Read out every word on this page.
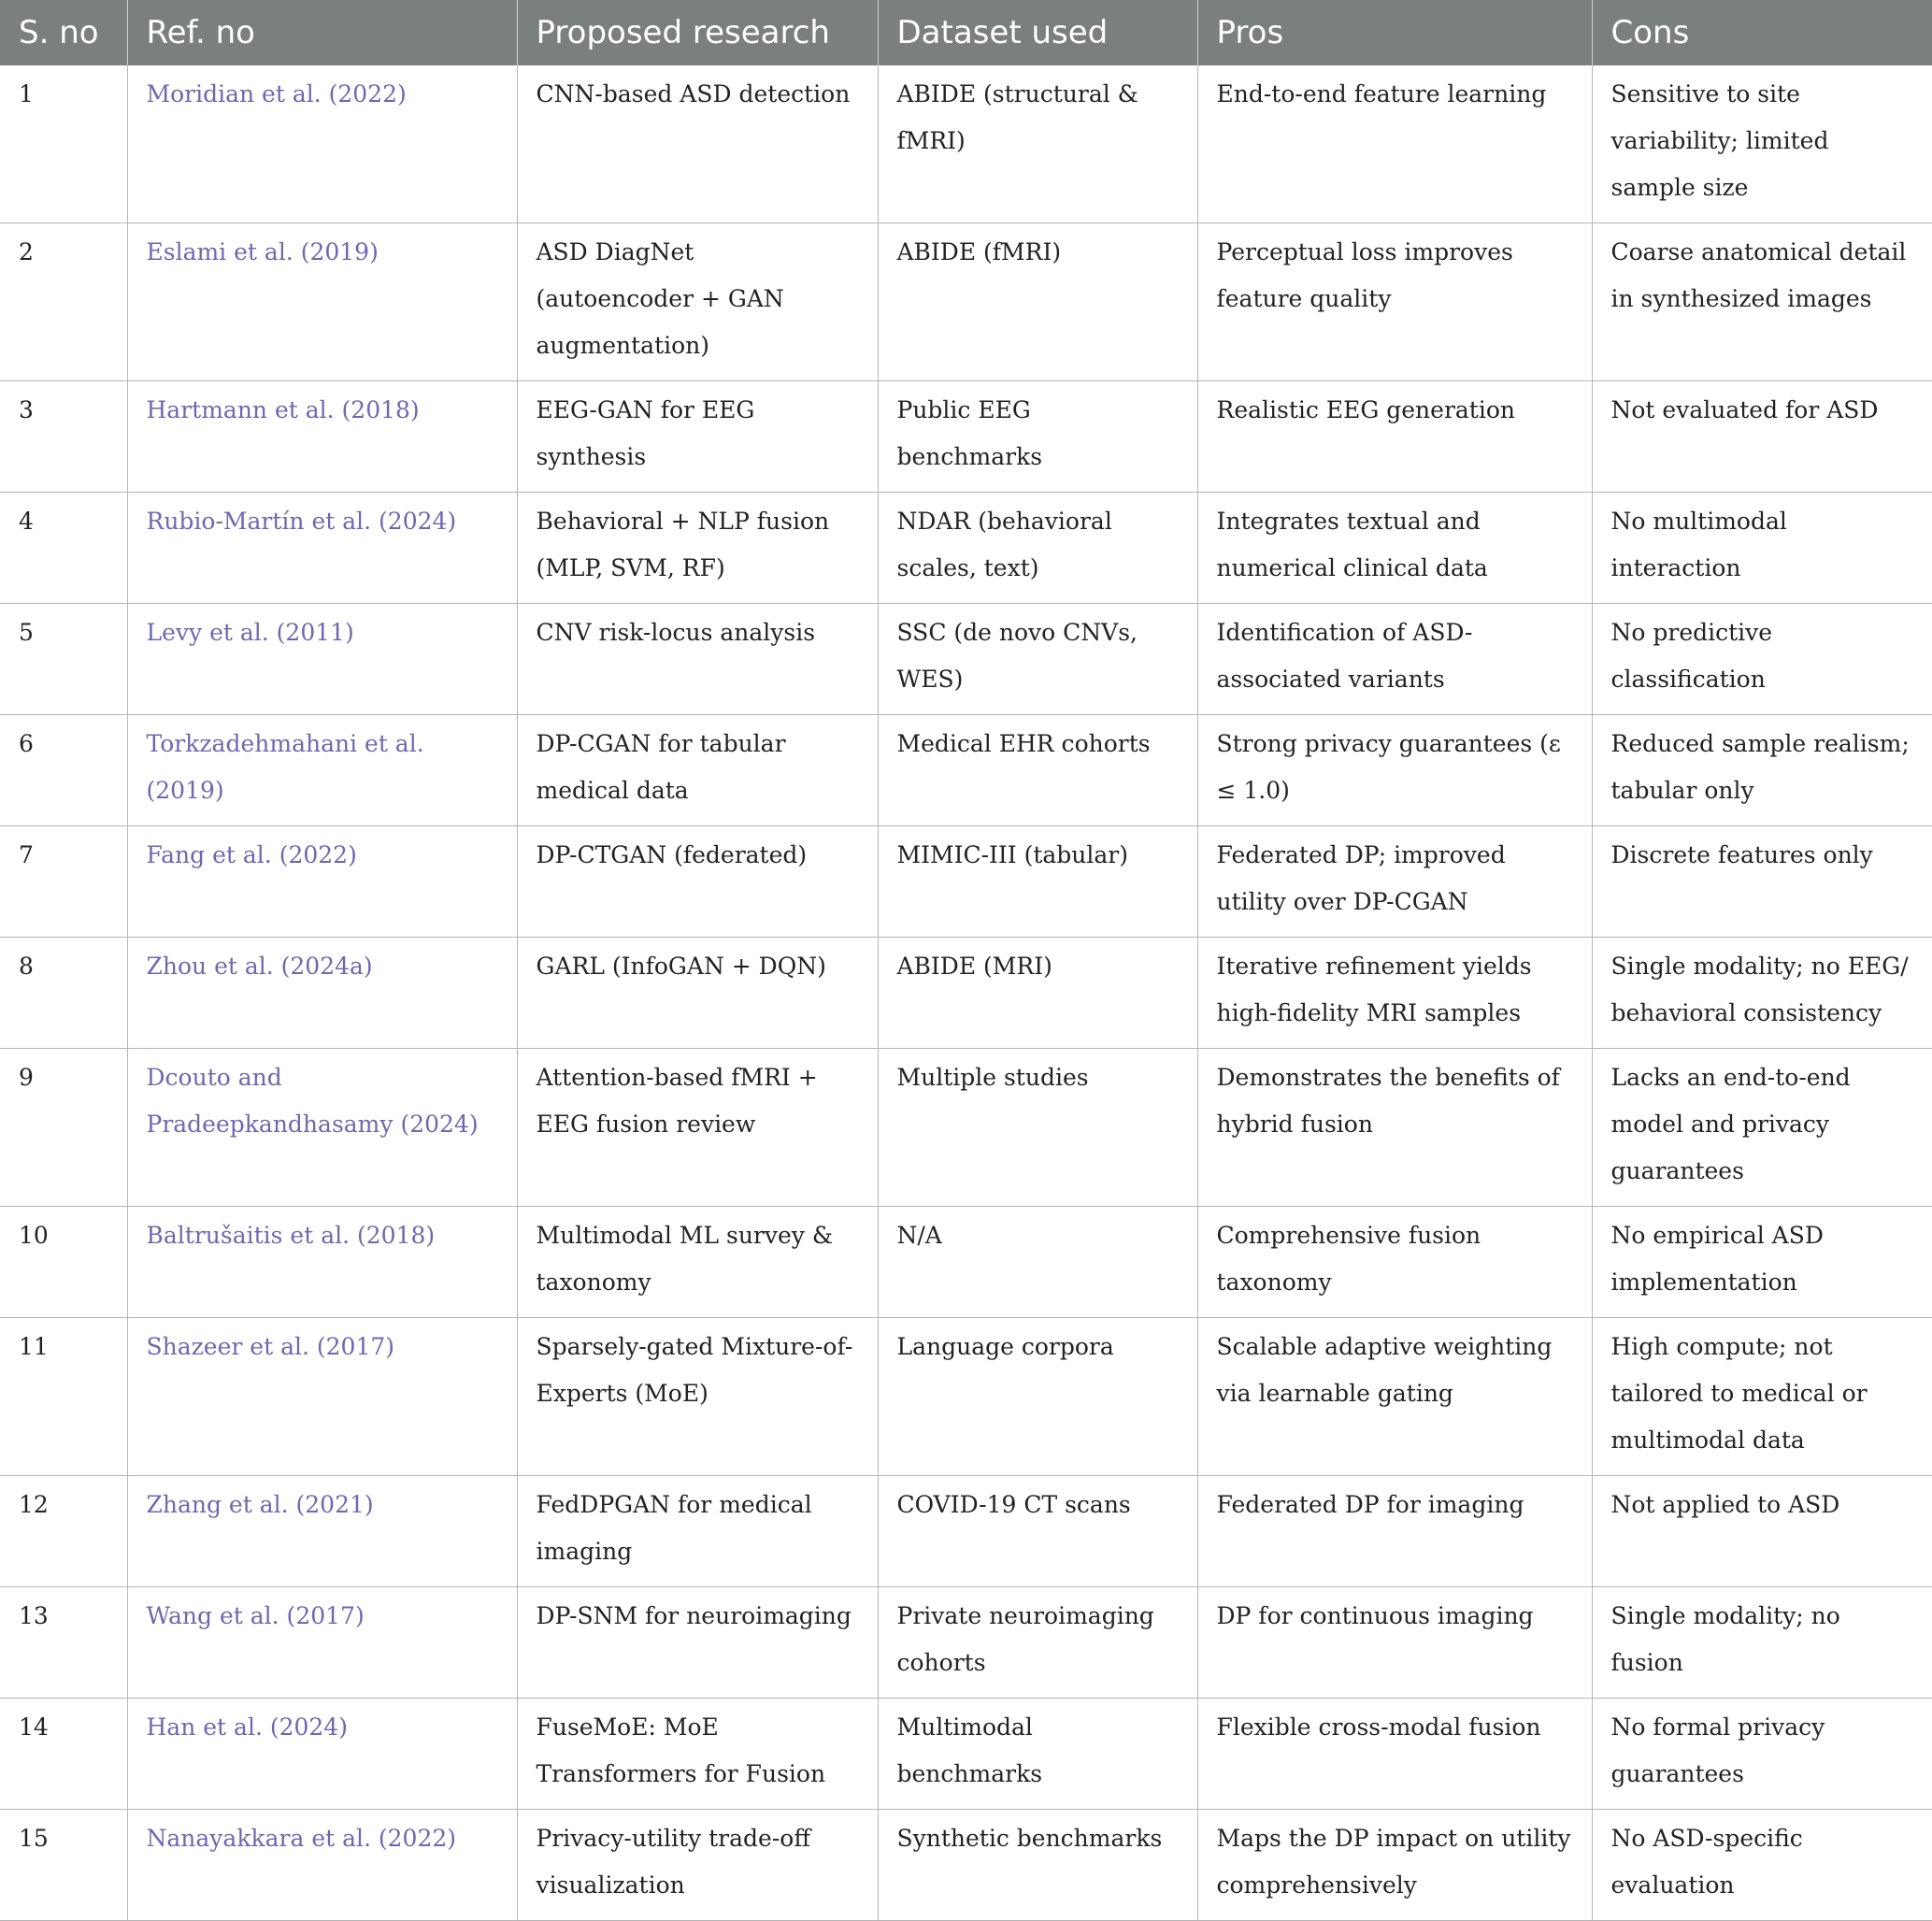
S. no	Ref. no	Proposed research	Dataset used	Pros	Cons
1	Moridian et al. (2022)	CNN-based ASD detection	ABIDE (structural & fMRI)	End-to-end feature learning	Sensitive to site variability; limited sample size
2	Eslami et al. (2019)	ASD DiagNet (autoencoder + GAN augmentation)	ABIDE (fMRI)	Perceptual loss improves feature quality	Coarse anatomical detail in synthesized images
3	Hartmann et al. (2018)	EEG-GAN for EEG synthesis	Public EEG benchmarks	Realistic EEG generation	Not evaluated for ASD
4	Rubio-Martín et al. (2024)	Behavioral + NLP fusion (MLP, SVM, RF)	NDAR (behavioral scales, text)	Integrates textual and numerical clinical data	No multimodal interaction
5	Levy et al. (2011)	CNV risk-locus analysis	SSC (de novo CNVs, WES)	Identification of ASD-associated variants	No predictive classification
6	Torkzadehmahani et al. (2019)	DP-CGAN for tabular medical data	Medical EHR cohorts	Strong privacy guarantees (ε ≤ 1.0)	Reduced sample realism; tabular only
7	Fang et al. (2022)	DP-CTGAN (federated)	MIMIC-III (tabular)	Federated DP; improved utility over DP-CGAN	Discrete features only
8	Zhou et al. (2024a)	GARL (InfoGAN + DQN)	ABIDE (MRI)	Iterative refinement yields high-fidelity MRI samples	Single modality; no EEG/ behavioral consistency
9	Dcouto and Pradeepkandhasamy (2024)	Attention-based fMRI + EEG fusion review	Multiple studies	Demonstrates the benefits of hybrid fusion	Lacks an end-to-end model and privacy guarantees
10	Baltrušaitis et al. (2018)	Multimodal ML survey & taxonomy	N/A	Comprehensive fusion taxonomy	No empirical ASD implementation
11	Shazeer et al. (2017)	Sparsely-gated Mixture-of-Experts (MoE)	Language corpora	Scalable adaptive weighting via learnable gating	High compute; not tailored to medical or multimodal data
12	Zhang et al. (2021)	FedDPGAN for medical imaging	COVID-19 CT scans	Federated DP for imaging	Not applied to ASD
13	Wang et al. (2017)	DP-SNM for neuroimaging	Private neuroimaging cohorts	DP for continuous imaging	Single modality; no fusion
14	Han et al. (2024)	FuseMoE: MoE Transformers for Fusion	Multimodal benchmarks	Flexible cross-modal fusion	No formal privacy guarantees
15	Nanayakkara et al. (2022)	Privacy-utility trade-off visualization	Synthetic benchmarks	Maps the DP impact on utility comprehensively	No ASD-specific evaluation
